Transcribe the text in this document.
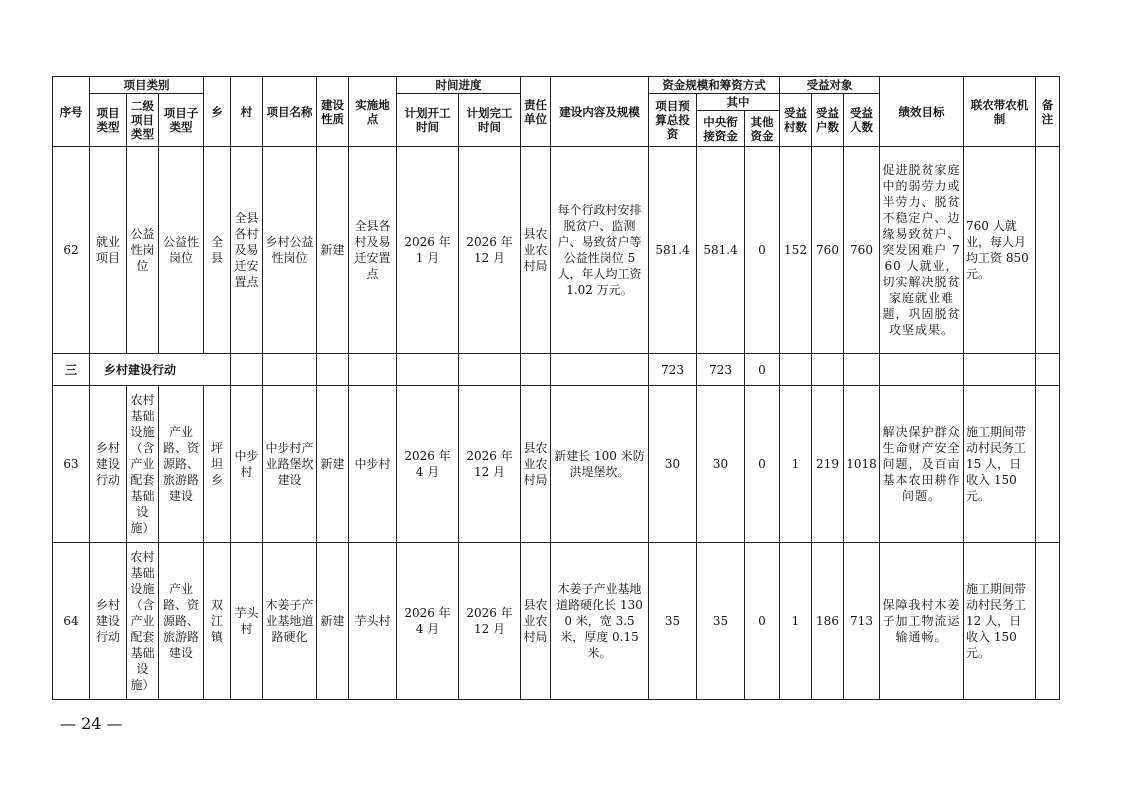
序号	项目类别			乡	村	项目名称	建设性质	实施地点	时间进度		责任单位	建设内容及规模	资金规模和筹资方式			受益对象			绩效目标	联农带农机制	备注
	项目类型	二级项目类型	项目子类型						计划开工时间	计划完工时间			项目预算总投资	其中		受益村数	受益户数	受益人数			
														中央衔接资金	其他资金						
62	就业项目	公益性岗位	公益性岗位	全县	全县各村及易迁安置点	乡村公益性岗位	新建	全县各村及易迁安置点	2026 年 1 月	2026 年 12 月	县农业农村局	每个行政村安排脱贫户、监测户、易致贫户等公益性岗位 5 人，年人均工资 1.02 万元。	581.4	581.4	0	152	760	760	促进脱贫家庭中的弱劳力或半劳力、脱贫不稳定户、边缘易致贫户、突发困难户 760 人就业，切实解决脱贫家庭就业难题，巩固脱贫攻坚成果。	760 人就业，每人月均工资 850 元。	
三	乡村建设行动												723	723	0						
63	乡村建设行动	农村基础设施（含产业配套基础设施）	产业路、资源路、旅游路建设	坪坦乡	中步村	中步村产业路堡坎建设	新建	中步村	2026 年 4 月	2026 年 12 月	县农业农村局	新建长 100 米防洪堤堡坎。	30	30	0	1	219	1018	解决保护群众生命财产安全问题，及百亩基本农田耕作问题。	施工期间带动村民务工 15 人，日收入 150 元。	
64	乡村建设行动	农村基础设施（含产业配套基础设施）	产业路、资源路、旅游路建设	双江镇	芋头村	木姜子产业基地道路硬化	新建	芋头村	2026 年 4 月	2026 年 12 月	县农业农村局	木姜子产业基地道路硬化长 1300 米，宽 3.5 米，厚度 0.15 米。	35	35	0	1	186	713	保障我村木姜子加工物流运输通畅。	施工期间带动村民务工 12 人，日收入 150 元。	
— 24 —
